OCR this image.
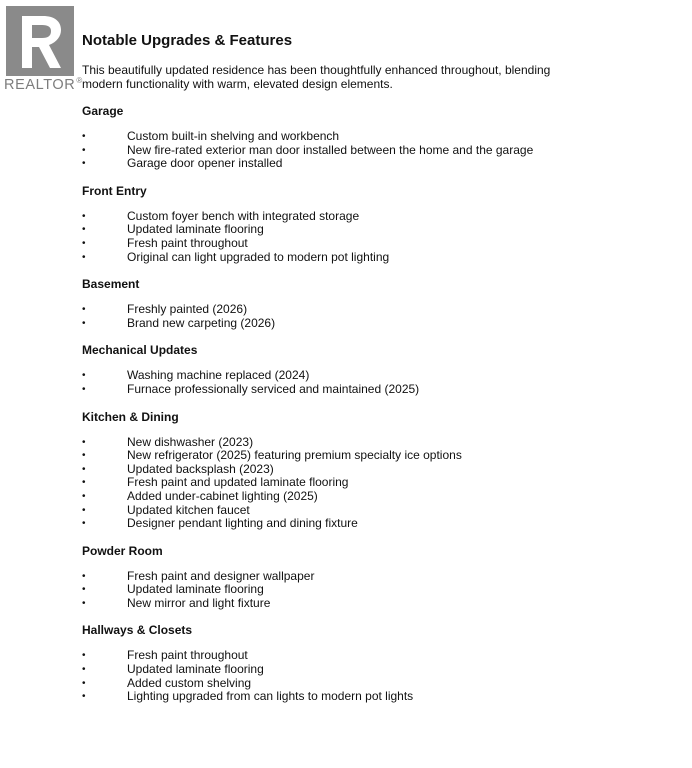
REALTOR®
Notable Upgrades & Features

This beautifully updated residence has been thoughtfully enhanced throughout, blending modern functionality with warm, elevated design elements.

Garage
•	Custom built-in shelving and workbench
•	New fire-rated exterior man door installed between the home and the garage
•	Garage door opener installed
Front Entry
•	Custom foyer bench with integrated storage
•	Updated laminate flooring
•	Fresh paint throughout
•	Original can light upgraded to modern pot lighting
Basement
•	Freshly painted (2026)
•	Brand new carpeting (2026)
Mechanical Updates
•	Washing machine replaced (2024)
•	Furnace professionally serviced and maintained (2025)
Kitchen & Dining
•	New dishwasher (2023)
•	New refrigerator (2025) featuring premium specialty ice options
•	Updated backsplash (2023)
•	Fresh paint and updated laminate flooring
•	Added under-cabinet lighting (2025)
•	Updated kitchen faucet
•	Designer pendant lighting and dining fixture
Powder Room
•	Fresh paint and designer wallpaper
•	Updated laminate flooring
•	New mirror and light fixture
Hallways & Closets
•	Fresh paint throughout
•	Updated laminate flooring
•	Added custom shelving
•	Lighting upgraded from can lights to modern pot lights
